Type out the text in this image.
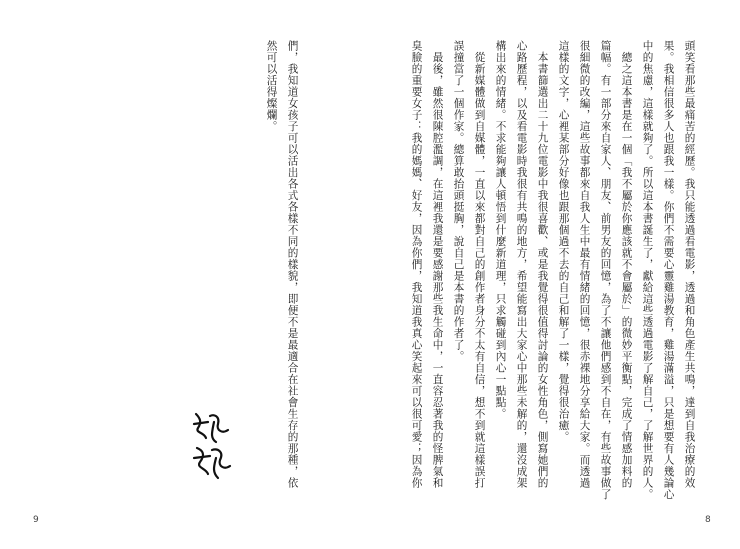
頭笑看那些最痛苦的經歷。我只能透過看電影，透過和角色產生共鳴，達到自我治療的效
果。我相信很多人也跟我一樣。你們不需要心靈雞湯教育，雞湯滿溢，只是想要有人幾論心
中的焦慮，這樣就夠了。所以這本書誕生了，獻給這些透過電影了解自己，了解世界的人。
　總之這本書是在一個「我不屬於你應該就不會屬於」的微妙平衡點，完成了情感加料的
篇幅。有一部分來自家人、朋友、前男友的回憶，為了不讓他們感到不自在，有些故事做了
很細微的改編，這些故事都來自我人生中最有情緒的回憶，很赤裸地分享給大家。而透過
這樣的文字，心裡某部分好像也跟那個過不去的自己和解了一樣，覺得很治癒。
　本書篩選出二十九位電影中我很喜歡、或是我覺得很值得討論的女性角色，側寫她們的
心路歷程，以及看電影時我很有共鳴的地方，希望能寫出大家心中那些未解的，還沒成架
構出來的情緒。不求能夠讓人頓悟到什麼新道理，只求觸碰到內心一點點。
　從新媒體做到自媒體，一直以來都對自己的創作者身分不太有自信，想不到就這樣誤打
誤撞當了一個作家。總算敢抬頭挺胸，說自己是本書的作者了。
　最後，雖然很陳腔濫調，在這裡我還是要感謝那些我生命中，一直容忍著我的怪脾氣和
臭臉的重要女子：我的媽媽、好友，因為你們，我知道我真心笑起來可以很可愛；因為你
們，我知道女孩子可以活出各式各樣不同的樣貌，即便不是最適合在社會生存的那種，依
然可以活得燦爛。
9	8
